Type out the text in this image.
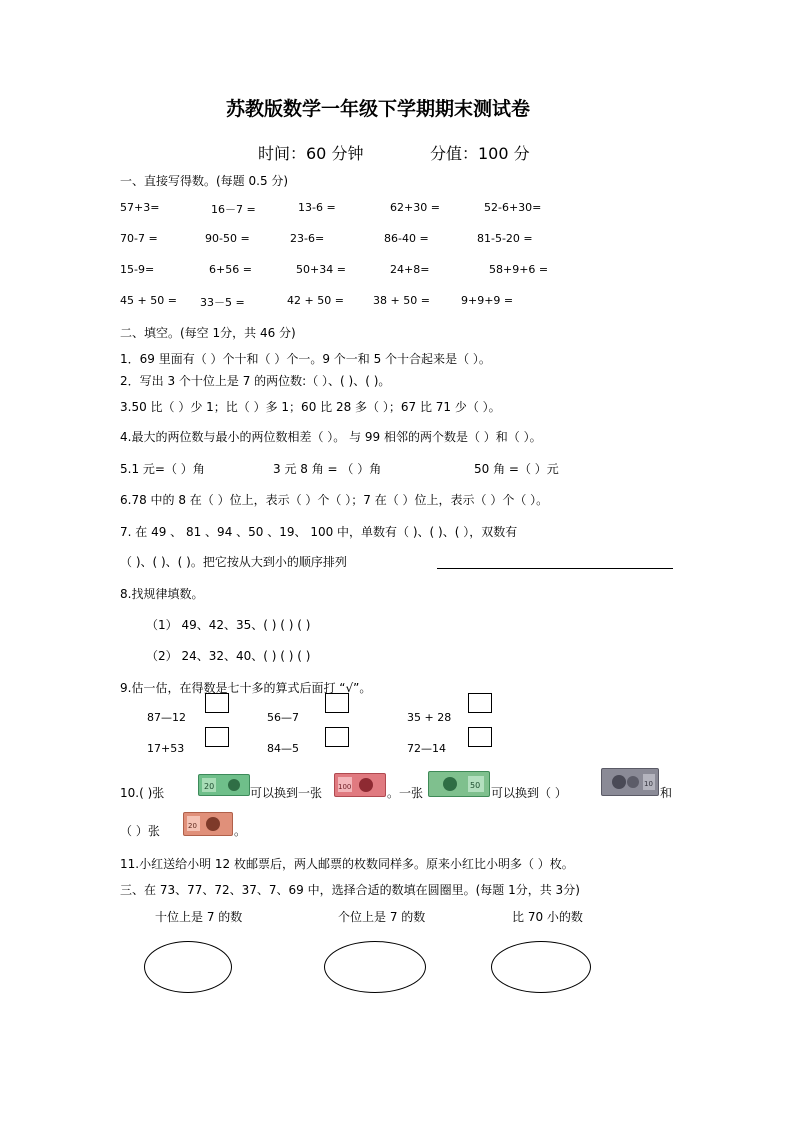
苏教版数学一年级下学期期末测试卷
时间：60 分钟	分值：100 分
一、直接写得数。(每题 0.5 分)
57+3=	16－7 =	13-6 =	62+30 =	52-6+30=
70-7 =	90-50 =	23-6=	86-40 =	81-5-20 =
15-9=	6+56 =	50+34 =	24+8=	58+9+6 =
45 + 50 = 33－5 =	42 + 50 =	38 + 50 =	9+9+9 =
二、填空。(每空 1分，共 46 分)
1．69 里面有（ ）个十和（ ）个一。9 个一和 5 个十合起来是（ ）。
2．写出 3 个十位上是 7 的两位数:（ ）、( )、( )。
3.50 比（ ）少 1；比（ ）多 1；60 比 28 多（ ）；67 比 71 少（ ）。
4.最大的两位数与最小的两位数相差（ ）。 与 99 相邻的两个数是（ ）和（ ）。
5.1 元=（ ）角	3 元 8 角 = （ ）角	50 角 =（ ）元
6.78 中的 8 在（ ）位上，表示（ ）个（ ）；7 在（ ）位上，表示（ ）个（ ）。
7. 在 49 、 81 、94 、50 、19、 100 中，单数有（ )、( )、( ），双数有
（ )、( )、( )。把它按从大到小的顺序排列
8.找规律填数。
（1） 49、42、35、( ) ( ) ( )
（2） 24、32、40、( ) ( ) ( )
9.估一估，在得数是七十多的算式后面打 “√”。
87—12	56—7	35 + 28
17+53	84—5	72—14
10.( )张	20	可以换到一张 100	。一张
50
可以换到（ ）
10
和
（ ）张	20	。
11.小红送给小明 12 枚邮票后，两人邮票的枚数同样多。原来小红比小明多（ ）枚。
三、在 73、77、72、37、7、69 中，选择合适的数填在圆圈里。(每题 1分，共 3分)
十位上是 7 的数	个位上是 7 的数	比 70 小的数
